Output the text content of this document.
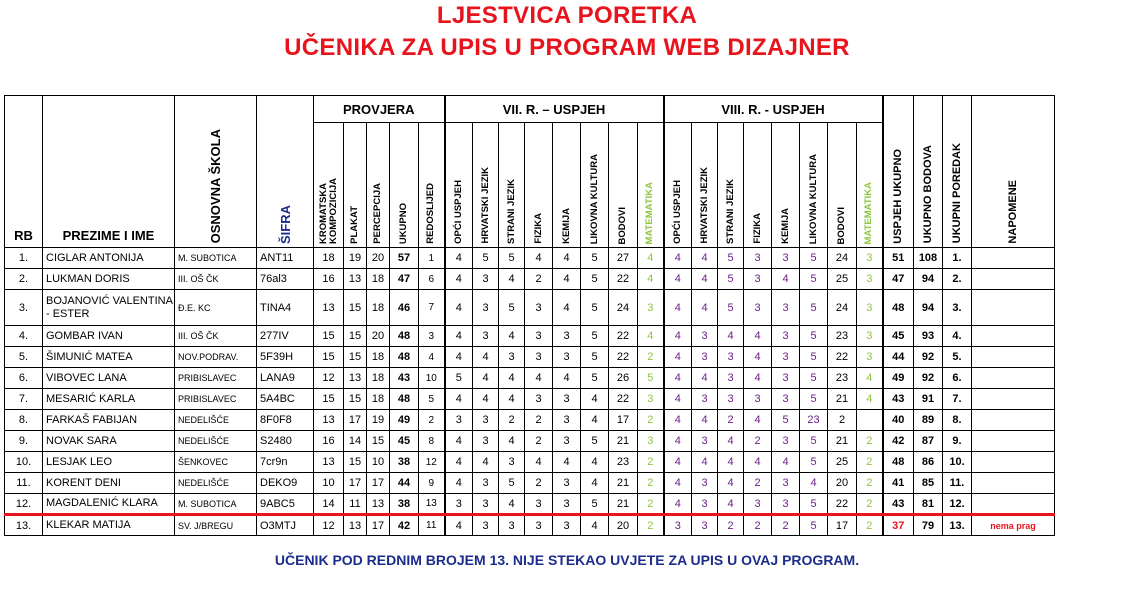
LJESTVICA PORETKA
UČENIKA ZA UPIS U PROGRAM WEB DIZAJNER
RB	PREZIME I IME	OSNOVNA ŠKOLA	ŠIFRA	PROVJERA					VII. R. – USPJEH								VIII. R. - USPJEH								USPJEH UKUPNO	UKUPNO BODOVA	UKUPNI POREDAK	NAPOMENE

				KROMATSKA KOMPOZICIJA	PLAKAT	PERCEPCIJA	UKUPNO	REDOSLIJED	OPĆI USPJEH	HRVATSKI JEZIK	STRANI JEZIK	FIZIKA	KEMIJA	LIKOVNA KULTURA	BODOVI	MATEMATIKA	OPĆI USPJEH	HRVATSKI JEZIK	STRANI JEZIK	FIZIKA	KEMIJA	LIKOVNA KULTURA	BODOVI	MATEMATIKA				

1.	CIGLAR ANTONIJA	M. SUBOTICA	ANT11	18	19	20	57	1	4	5	5	4	4	5	27	4	4	4	5	3	3	5	24	3	51	108	1.	
2.	LUKMAN DORIS	III. OŠ ČK	76al3	16	13	18	47	6	4	3	4	2	4	5	22	4	4	4	5	3	4	5	25	3	47	94	2.	
3.	BOJANOVIĆ VALENTINA - ESTER	Đ.E. KC	TINA4	13	15	18	46	7	4	3	5	3	4	5	24	3	4	4	5	3	3	5	24	3	48	94	3.	
4.	GOMBAR IVAN	III. OŠ ČK	277IV	15	15	20	48	3	4	3	4	3	3	5	22	4	4	3	4	4	3	5	23	3	45	93	4.	
5.	ŠIMUNIĆ MATEA	NOV.PODRAV.	5F39H	15	15	18	48	4	4	4	3	3	3	5	22	2	4	3	3	4	3	5	22	3	44	92	5.	
6.	VIBOVEC LANA	PRIBISLAVEC	LANA9	12	13	18	43	10	5	4	4	4	4	5	26	5	4	4	3	4	3	5	23	4	49	92	6.	
7.	MESARIĆ KARLA	PRIBISLAVEC	5A4BC	15	15	18	48	5	4	4	4	3	3	4	22	3	4	3	3	3	3	5	21	4	43	91	7.	
8.	FARKAŠ FABIJAN	NEDELIŠĆE	8F0F8	13	17	19	49	2	3	3	2	2	3	4	17	2	4	4	2	4	5	23	2		40	89	8.	
9.	NOVAK SARA	NEDELIŠĆE	S2480	16	14	15	45	8	4	3	4	2	3	5	21	3	4	3	4	2	3	5	21	2	42	87	9.	
10.	LESJAK LEO	ŠENKOVEC	7cr9n	13	15	10	38	12	4	4	3	4	4	4	23	2	4	4	4	4	4	5	25	2	48	86	10.	
11.	KORENT DENI	NEDELIŠĆE	DEKO9	10	17	17	44	9	4	3	5	2	3	4	21	2	4	3	4	2	3	4	20	2	41	85	11.	
12.	MAGDALENIĆ KLARA	M. SUBOTICA	9ABC5	14	11	13	38	13	3	3	4	3	3	5	21	2	4	3	4	3	3	5	22	2	43	81	12.	
13.	KLEKAR MATIJA	SV. J/BREGU	O3MTJ	12	13	17	42	11	4	3	3	3	3	4	20	2	3	3	2	2	2	5	17	2	37	79	13.	nema prag
UČENIK POD REDNIM BROJEM 13. NIJE STEKAO UVJETE ZA UPIS U OVAJ PROGRAM.
